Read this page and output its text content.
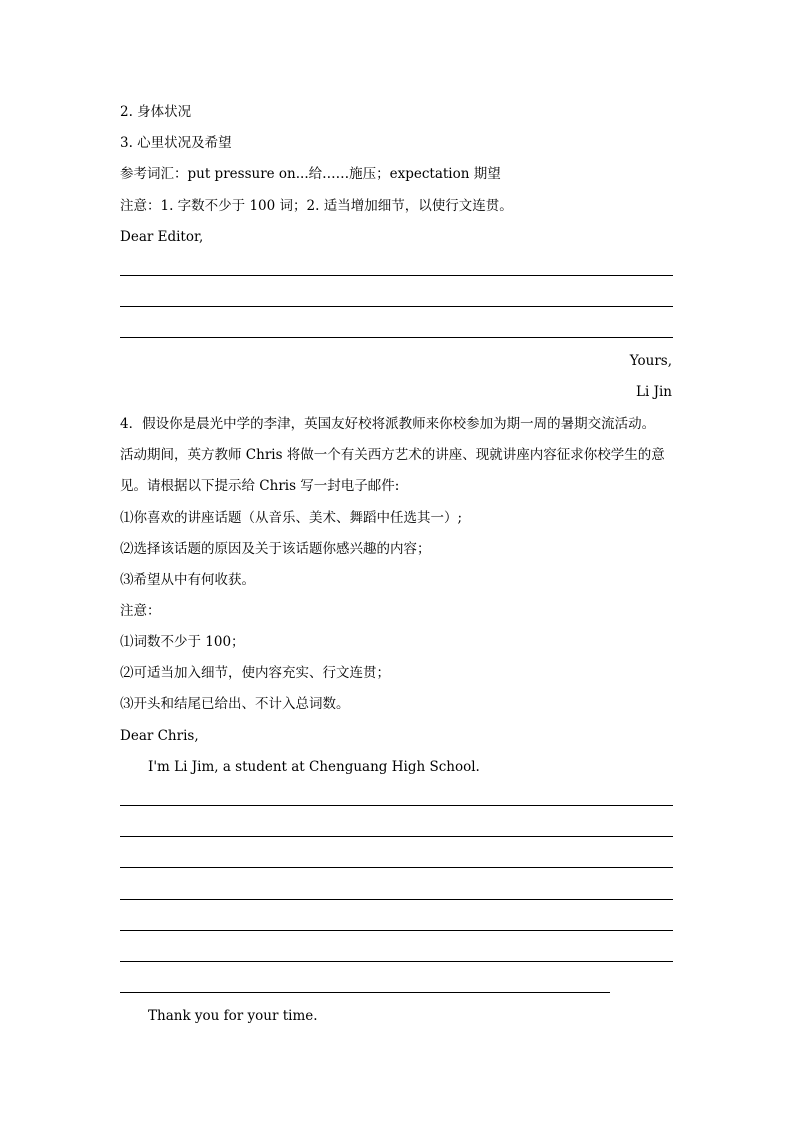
2. 身体状况
3. 心里状况及希望
参考词汇：put pressure on...给……施压；expectation 期望
注意：1. 字数不少于 100 词；2. 适当增加细节，以使行文连贯。
Dear Editor,
Yours,
Li Jin
4．假设你是晨光中学的李津，英国友好校将派教师来你校参加为期一周的暑期交流活动。
活动期间，英方教师 Chris 将做一个有关西方艺术的讲座、现就讲座内容征求你校学生的意
见。请根据以下提示给 Chris 写一封电子邮件:
⑴你喜欢的讲座话题（从音乐、美术、舞蹈中任选其一）;
⑵选择该话题的原因及关于该话题你感兴趣的内容；
⑶希望从中有何收获。
注意：
⑴词数不少于 100；
⑵可适当加入细节，使内容充实、行文连贯；
⑶开头和结尾已给出、不计入总词数。
Dear Chris,
I'm Li Jim, a student at Chenguang High School.
Thank you for your time.
